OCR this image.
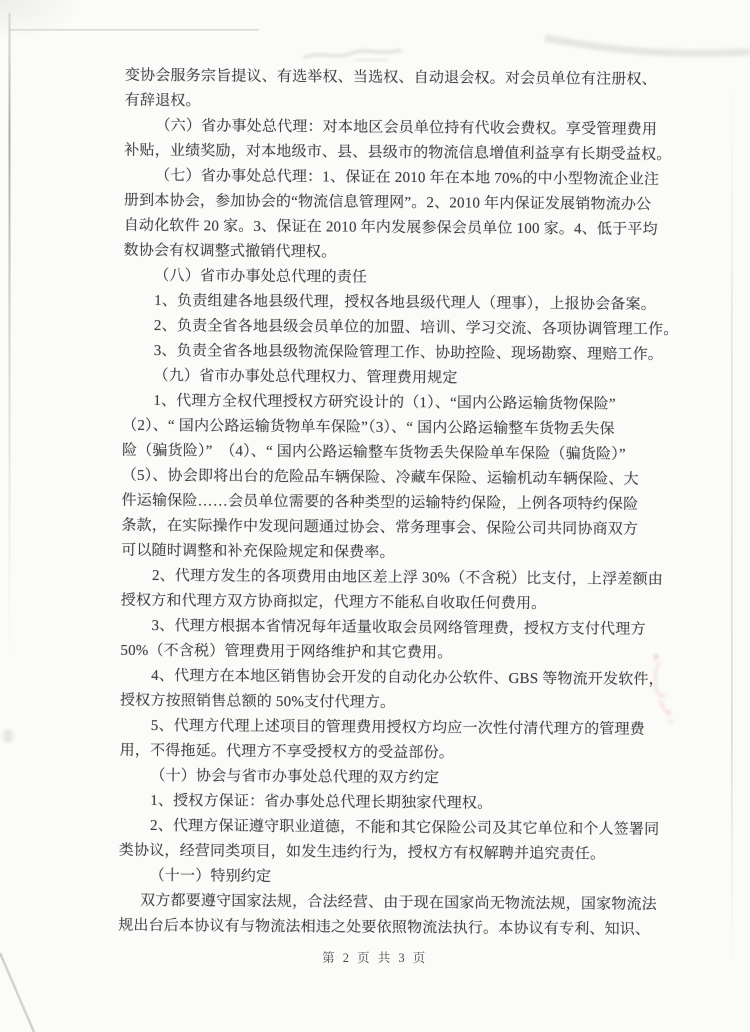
变协会服务宗旨提议、有选举权、当选权、自动退会权。对会员单位有注册权、
有辞退权。
（六）省办事处总代理：对本地区会员单位持有代收会费权。享受管理费用
补贴，业绩奖励，对本地级市、县、县级市的物流信息增值利益享有长期受益权。
（七）省办事处总代理：1、保证在 2010 年在本地 70%的中小型物流企业注
册到本协会，参加协会的“物流信息管理网”。2、2010 年内保证发展销物流办公
自动化软件 20 家。3、保证在 2010 年内发展参保会员单位 100 家。4、低于平均
数协会有权调整式撤销代理权。
（八）省市办事处总代理的责任
1、负责组建各地县级代理，授权各地县级代理人（理事），上报协会备案。
2、负责全省各地县级会员单位的加盟、培训、学习交流、各项协调管理工作。
3、负责全省各地县级物流保险管理工作、协助控险、现场勘察、理赔工作。
（九）省市办事处总代理权力、管理费用规定
1、代理方全权代理授权方研究设计的（1）、“国内公路运输货物保险”
（2）、“ 国内公路运输货物单车保险”（3）、“ 国内公路运输整车货物丢失保
险（骗货险）”　（4）、“ 国内公路运输整车货物丢失保险单车保险（骗货险）”
（5）、协会即将出台的危险品车辆保险、冷藏车保险、运输机动车辆保险、大
件运输保险……会员单位需要的各种类型的运输特约保险，上例各项特约保险
条款，在实际操作中发现问题通过协会、常务理事会、保险公司共同协商双方
可以随时调整和补充保险规定和保费率。
2、代理方发生的各项费用由地区差上浮 30%（不含税）比支付，上浮差额由
授权方和代理方双方协商拟定，代理方不能私自收取任何费用。
3、代理方根据本省情况每年适量收取会员网络管理费，授权方支付代理方
50%（不含税）管理费用于网络维护和其它费用。
4、代理方在本地区销售协会开发的自动化办公软件、GBS 等物流开发软件，
授权方按照销售总额的 50%支付代理方。
5、代理方代理上述项目的管理费用授权方均应一次性付清代理方的管理费
用，不得拖延。代理方不享受授权方的受益部份。
（十）协会与省市办事处总代理的双方约定
1、授权方保证：省办事处总代理长期独家代理权。
2、代理方保证遵守职业道德，不能和其它保险公司及其它单位和个人签署同
类协议，经营同类项目，如发生违约行为，授权方有权解聘并追究责任。
（十一）特别约定
双方都要遵守国家法规，合法经营、由于现在国家尚无物流法规，国家物流法
规出台后本协议有与物流法相违之处要依照物流法执行。本协议有专利、知识、
第 2 页 共 3 页
